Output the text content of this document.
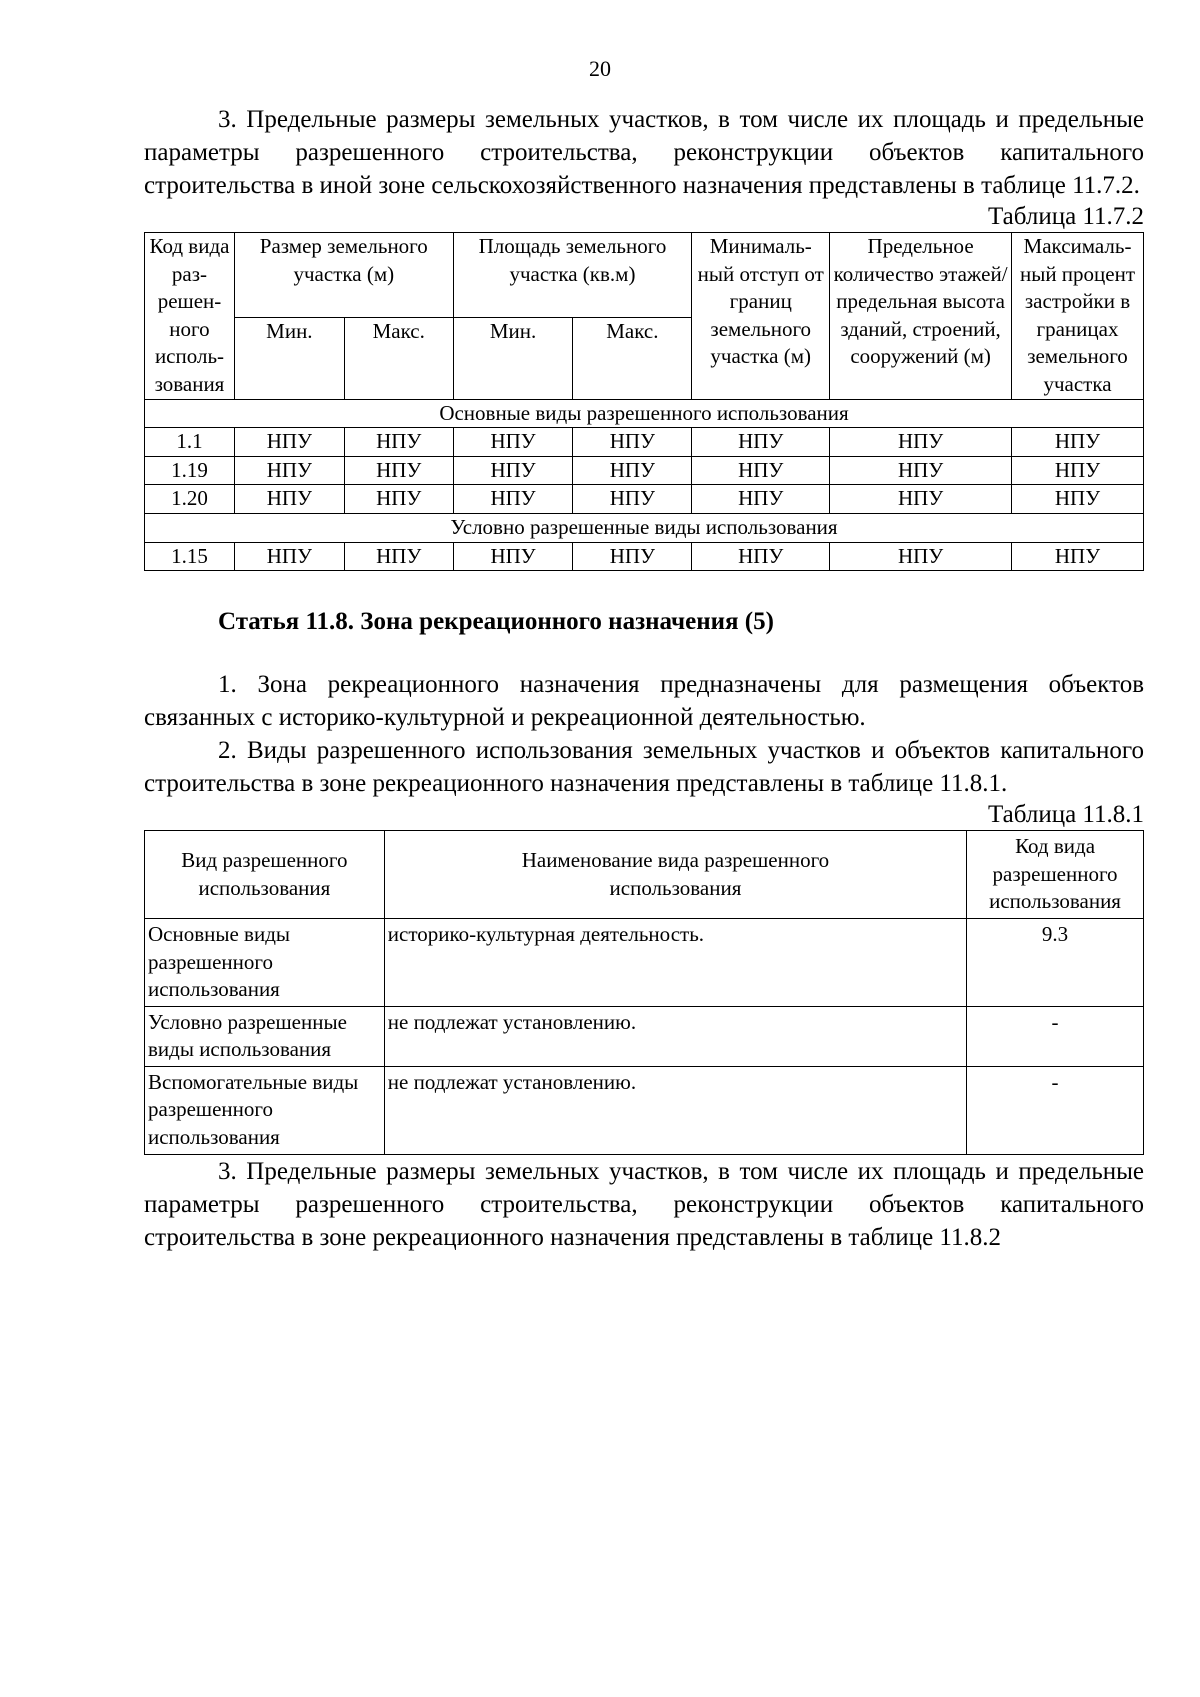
20

3. Предельные размеры земельных участков, в том числе их площадь и предельные параметры разрешенного строительства, реконструкции объектов капитального строительства в иной зоне сельскохозяйственного назначения представлены в таблице 11.7.2.

Таблица 11.7.2

Код вида раз-решен-ного исполь-зования	Размер земельного участка (м)		Площадь земельного участка (кв.м)		Минималь-ный отступ от границ земельного участка (м)	Предельное количество этажей/ предельная высота зданий, строений, сооружений (м)	Максималь-ный процент застройки в границах земельного участка
	Мин.	Макс.	Мин.	Макс.			
Основные виды разрешенного использования							
1.1	НПУ	НПУ	НПУ	НПУ	НПУ	НПУ	НПУ
1.19	НПУ	НПУ	НПУ	НПУ	НПУ	НПУ	НПУ
1.20	НПУ	НПУ	НПУ	НПУ	НПУ	НПУ	НПУ
Условно разрешенные виды использования							
1.15	НПУ	НПУ	НПУ	НПУ	НПУ	НПУ	НПУ

Статья 11.8. Зона рекреационного назначения (5)

1. Зона рекреационного назначения предназначены для размещения объектов связанных с историко-культурной и рекреационной деятельностью.

2. Виды разрешенного использования земельных участков и объектов капитального строительства в зоне рекреационного назначения представлены в таблице 11.8.1.

Таблица 11.8.1

Вид разрешенного использования	Наименование вида разрешенного использования	Код вида разрешенного использования
Основные виды разрешенного использования	историко-культурная деятельность.	9.3
Условно разрешенные виды использования	не подлежат установлению.	-
Вспомогательные виды разрешенного использования	не подлежат установлению.	-

3. Предельные размеры земельных участков, в том числе их площадь и предельные параметры разрешенного строительства, реконструкции объектов капитального строительства в зоне рекреационного назначения представлены в таблице 11.8.2
